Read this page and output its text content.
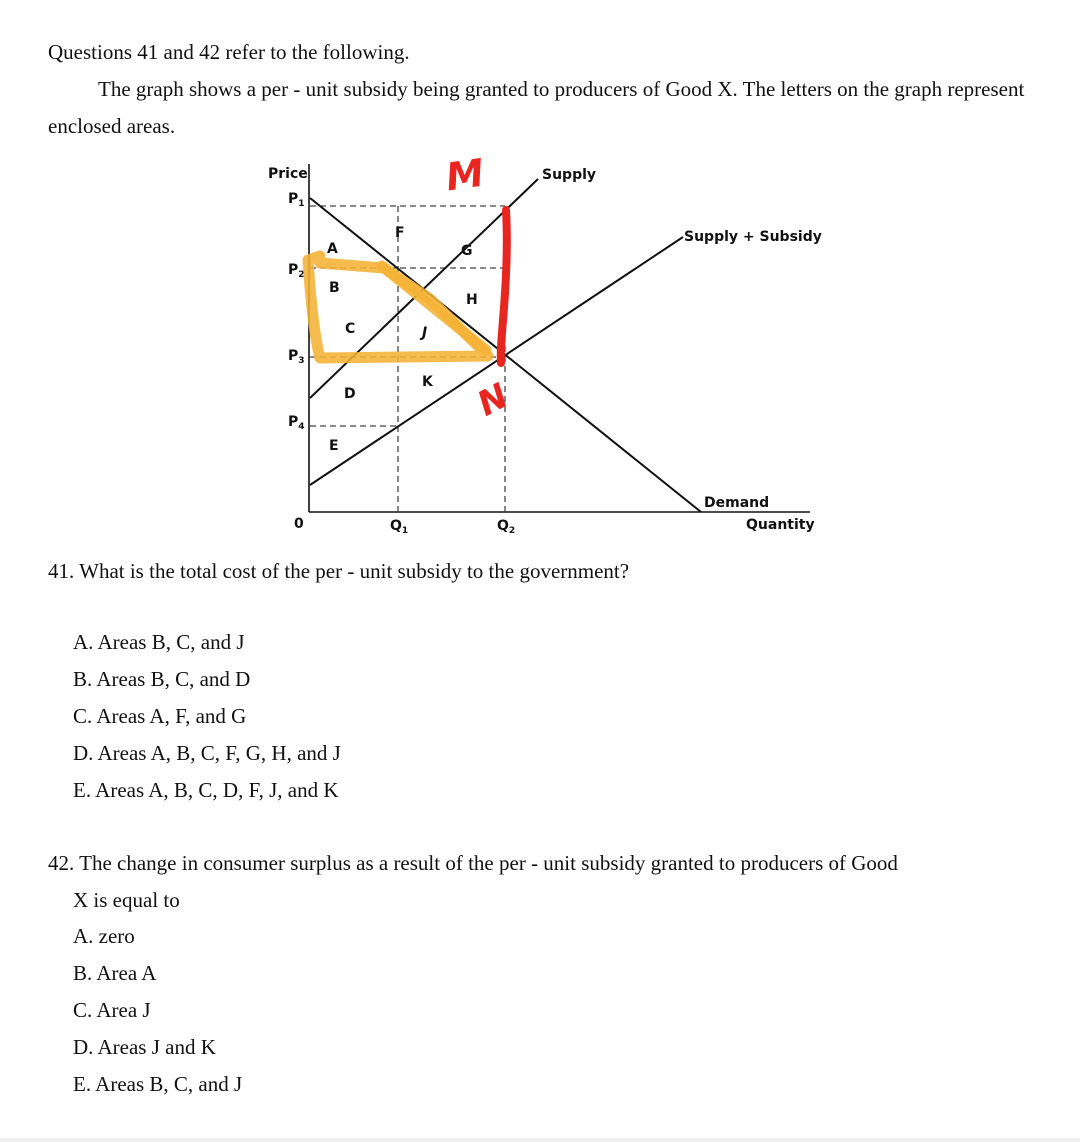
Questions 41 and 42 refer to the following.

The graph shows a per - unit subsidy being granted to producers of Good X. The letters on the graph represent enclosed areas.

Supply
Supply + Subsidy
Demand
Quantity
Price
0
$P_1$
$P_2$
$P_3$
$P_4$
$Q_1$	$Q_2$
A
B
C
D
E
F
G
H
J
K
M
N
41. What is the total cost of the per - unit subsidy to the government?
A. Areas B, C, and J
B. Areas B, C, and D
C. Areas A, F, and G
D. Areas A, B, C, F, G, H, and J
E. Areas A, B, C, D, F, J, and K
42. The change in consumer surplus as a result of the per - unit subsidy granted to producers of Good
X is equal to
A. zero
B. Area A
C. Area J
D. Areas J and K
E. Areas B, C, and J
